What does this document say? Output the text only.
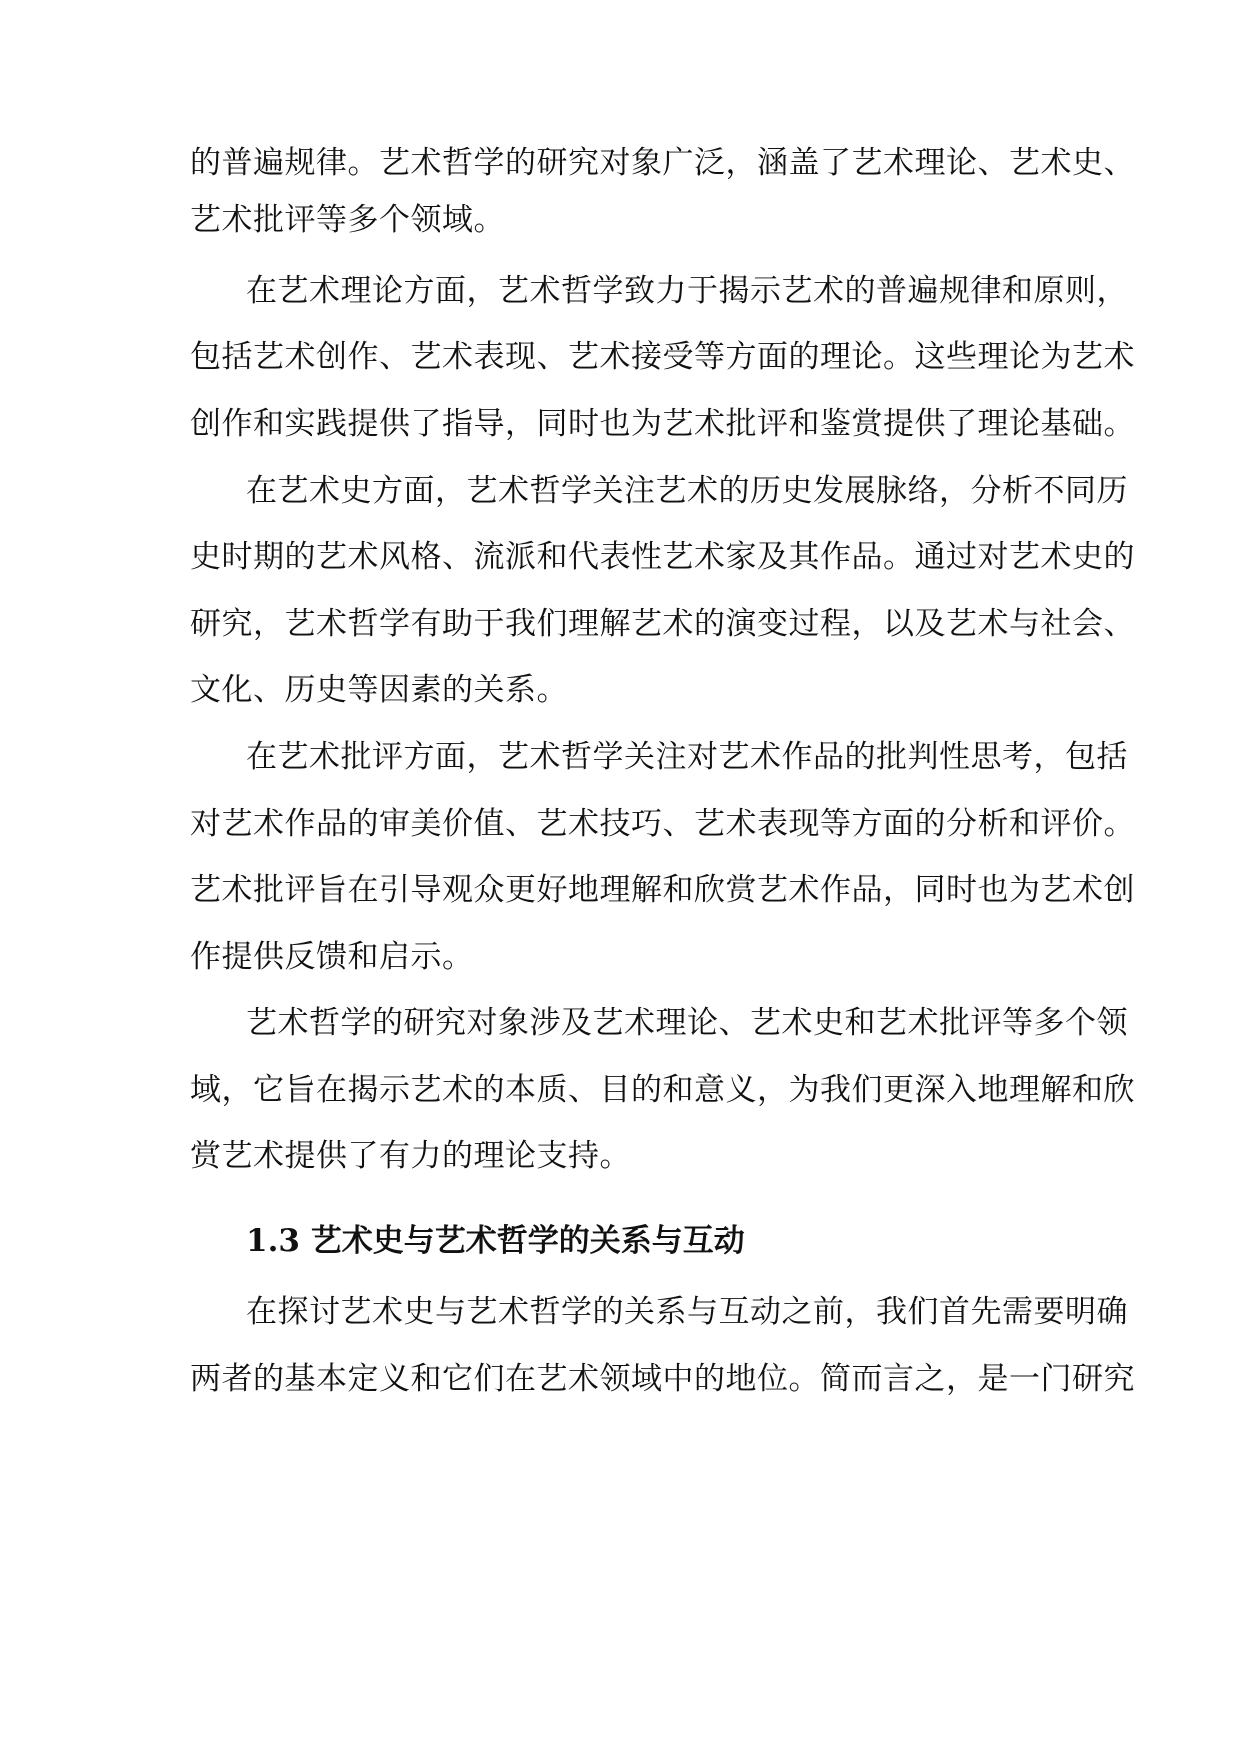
的普遍规律。艺术哲学的研究对象广泛，涵盖了艺术理论、艺术史、
艺术批评等多个领域。
在艺术理论方面，艺术哲学致力于揭示艺术的普遍规律和原则，
包括艺术创作、艺术表现、艺术接受等方面的理论。这些理论为艺术
创作和实践提供了指导，同时也为艺术批评和鉴赏提供了理论基础。
在艺术史方面，艺术哲学关注艺术的历史发展脉络，分析不同历
史时期的艺术风格、流派和代表性艺术家及其作品。通过对艺术史的
研究，艺术哲学有助于我们理解艺术的演变过程，以及艺术与社会、
文化、历史等因素的关系。
在艺术批评方面，艺术哲学关注对艺术作品的批判性思考，包括
对艺术作品的审美价值、艺术技巧、艺术表现等方面的分析和评价。
艺术批评旨在引导观众更好地理解和欣赏艺术作品，同时也为艺术创
作提供反馈和启示。
艺术哲学的研究对象涉及艺术理论、艺术史和艺术批评等多个领
域，它旨在揭示艺术的本质、目的和意义，为我们更深入地理解和欣
赏艺术提供了有力的理论支持。
1.3 艺术史与艺术哲学的关系与互动
在探讨艺术史与艺术哲学的关系与互动之前，我们首先需要明确
两者的基本定义和它们在艺术领域中的地位。简而言之，是一门研究
